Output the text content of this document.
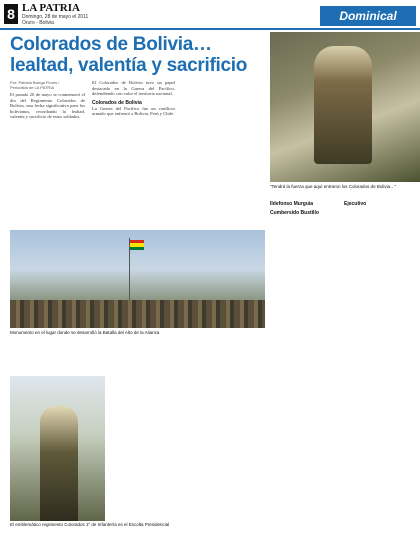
8 LA PATRIA
Domingo, 28 de mayo el 2011
Oruro - Bolivia	Dominical
Colorados de Bolivia… lealtad, valentía y sacrificio
Por: Patricia Barrga Flores / Periodista de LA PATRIA
“Tendrá la fuerza que aquí entraron los Colorados de Bolivia…”
El pasado 20 de mayo se conmemoró el día del Regimiento Colorados de Bolivia, una fecha significativa para los bolivianos, recordando la lealtad, valentía y sacrificio de estos soldados.
El Colorados de Bolivia tuvo un papel destacado en la Guerra del Pacífico, defendiendo con valor el territorio nacional.
Colorados de Bolivia
La Guerra del Pacífico fue un conflicto armado que enfrentó a Bolivia, Perú y Chile.
Monumento en el lugar donde se desarrolló la Batalla del Alto de la Alianza
Ildefonso Murguía
Cumbersido Bustillo
Ejecutivo
El emblemático regimiento Colorados 1º de Infantería es el Escolta Presidencial
